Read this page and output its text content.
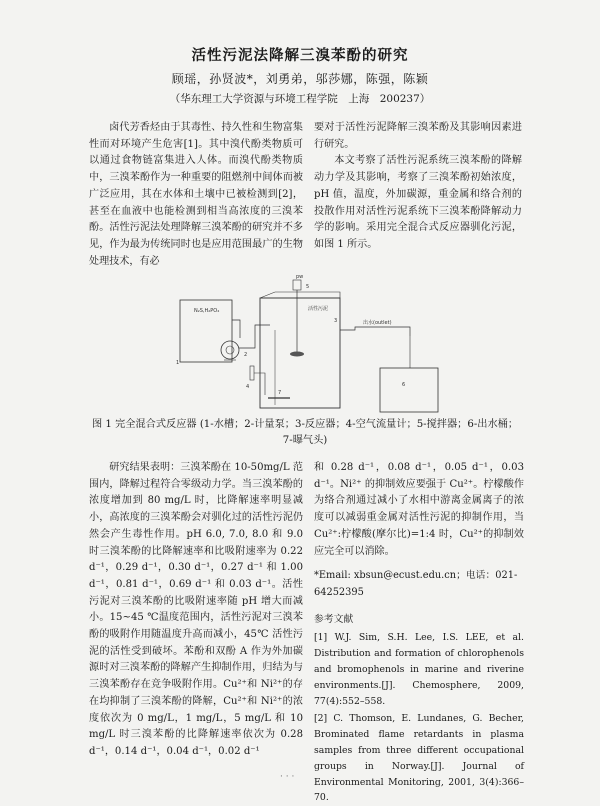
活性污泥法降解三溴苯酚的研究
顾瑶，孙贤波*，刘勇弟，邬莎娜，陈强，陈颖
（华东理工大学资源与环境工程学院　上海　200237）

卤代芳香烃由于其毒性、持久性和生物富集性而对环境产生危害[1]。其中溴代酚类物质可以通过食物链富集进入人体。而溴代酚类物质中，三溴苯酚作为一种重要的阻燃剂中间体而被广泛应用，其在水体和土壤中已被检测到[2]，甚至在血液中也能检测到相当高浓度的三溴苯酚。活性污泥法处理降解三溴苯酚的研究并不多见，作为最为传统同时也是应用范围最广的生物处理技术，有必

要对于活性污泥降解三溴苯酚及其影响因素进行研究。

本文考察了活性污泥系统三溴苯酚的降解动力学及其影响，考察了三溴苯酚初始浓度，pH 值，温度，外加碳源，重金属和络合剂的投散作用对活性污泥系统下三溴苯酚降解动力学的影响。采用完全混合式反应器驯化污泥，如图 1 所示。

N₂S,H₂PO₄
1
2
4
活性污泥
3
pw
5
7
出水(outlet)
6
图 1 完全混合式反应器 (1-水槽；2-计量泵；3-反应器；4-空气流量计；5-搅拌器；6-出水桶；7-曝气头)

研究结果表明：三溴苯酚在 10-50mg/L 范围内，降解过程符合零级动力学。当三溴苯酚的浓度增加到 80 mg/L 时，比降解速率明显减小，高浓度的三溴苯酚会对驯化过的活性污泥仍然会产生毒性作用。pH 6.0, 7.0, 8.0 和 9.0 时三溴苯酚的比降解速率和比吸附速率为 0.22 d⁻¹，0.29 d⁻¹，0.30 d⁻¹，0.27 d⁻¹ 和 1.00 d⁻¹，0.81 d⁻¹，0.69 d⁻¹ 和 0.03 d⁻¹。活性污泥对三溴苯酚的比吸附速率随 pH 增大而减小。15~45 ℃温度范围内，活性污泥对三溴苯酚的吸附作用随温度升高而减小，45℃ 活性污泥的活性受到破坏。苯酚和双酚 A 作为外加碳源时对三溴苯酚的降解产生抑制作用，归结为与三溴苯酚存在竞争吸附作用。Cu²⁺和 Ni²⁺的存在均抑制了三溴苯酚的降解，Cu²⁺和 Ni²⁺的浓度依次为 0 mg/L，1 mg/L，5 mg/L 和 10 mg/L 时三溴苯酚的比降解速率依次为 0.28 d⁻¹，0.14 d⁻¹，0.04 d⁻¹，0.02 d⁻¹

和 0.28 d⁻¹，0.08 d⁻¹，0.05 d⁻¹，0.03 d⁻¹。Ni²⁺ 的抑制效应要强于 Cu²⁺。柠檬酸作为络合剂通过减小了水相中游离金属离子的浓度可以减弱重金属对活性污泥的抑制作用，当 Cu²⁺:柠檬酸(摩尔比)=1:4 时，Cu²⁺的抑制效应完全可以消除。

*Email: xbsun@ecust.edu.cn；电话：021-64252395
参考文献
[1] W.J. Sim, S.H. Lee, I.S. LEE, et al. Distribution and formation of chlorophenols and bromophenols in marine and riverine environments.[J]. Chemosphere, 2009, 77(4):552–558.
[2] C. Thomson, E. Lundanes, G. Becher, Brominated flame retardants in plasma samples from three different occupational groups in Norway.[J]. Journal of Environmental Monitoring, 2001, 3(4):366–70.
· · ·
